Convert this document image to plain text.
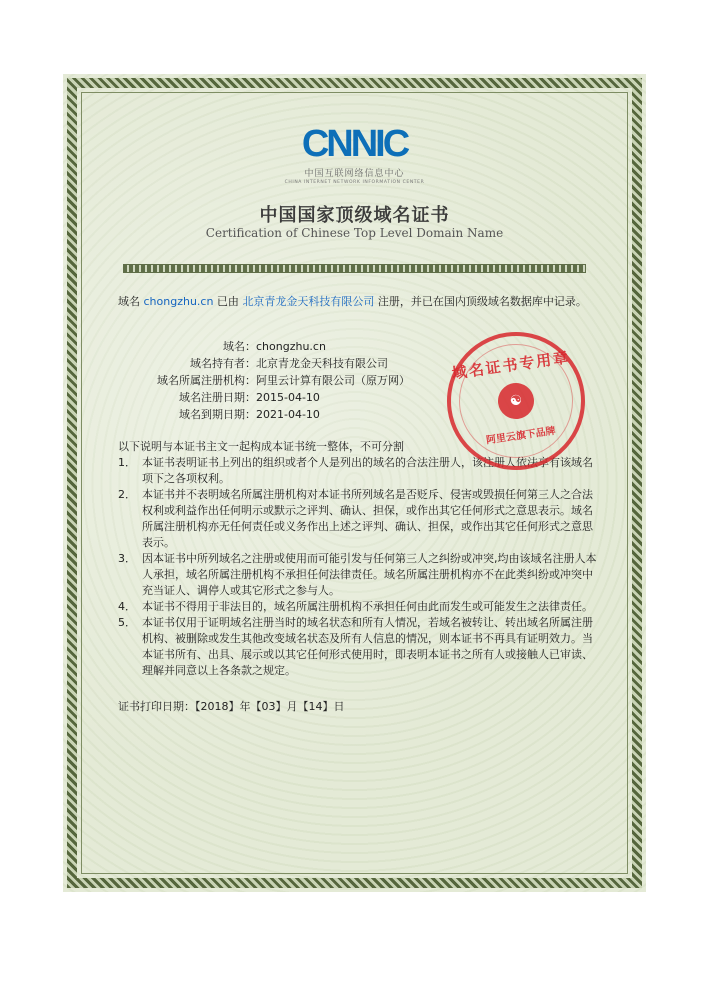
CNNIC
中国互联网络信息中心
CHINA INTERNET NETWORK INFORMATION CENTER
中国国家顶级域名证书
Certification of Chinese Top Level Domain Name
域名 chongzhu.cn 已由 北京青龙金天科技有限公司 注册，并已在国内顶级域名数据库中记录。
域名： chongzhu.cn
域名持有者： 北京青龙金天科技有限公司
域名所属注册机构： 阿里云计算有限公司（原万网）
域名注册日期： 2015-04-10
域名到期日期： 2021-04-10
以下说明与本证书主文一起构成本证书统一整体，不可分割
1． 本证书表明证书上列出的组织或者个人是列出的域名的合法注册人，该注册人依法享有该域名项下之各项权利。
2． 本证书并不表明域名所属注册机构对本证书所列域名是否贬斥、侵害或毁损任何第三人之合法权利或利益作出任何明示或默示之评判、确认、担保，或作出其它任何形式之意思表示。域名所属注册机构亦无任何责任或义务作出上述之评判、确认、担保，或作出其它任何形式之意思表示。
3． 因本证书中所列域名之注册或使用而可能引发与任何第三人之纠纷或冲突,均由该域名注册人本人承担，域名所属注册机构不承担任何法律责任。域名所属注册机构亦不在此类纠纷或冲突中充当证人、调停人或其它形式之参与人。
4． 本证书不得用于非法目的，域名所属注册机构不承担任何由此而发生或可能发生之法律责任。
5． 本证书仅用于证明域名注册当时的域名状态和所有人情况，若域名被转让、转出域名所属注册机构、被删除或发生其他改变域名状态及所有人信息的情况，则本证书不再具有证明效力。当本证书所有、出具、展示或以其它任何形式使用时，即表明本证书之所有人或接触人已审读、理解并同意以上各条款之规定。
证书打印日期：【2018】年【03】月【14】日
域名证书专用章
☯
阿里云旗下品牌
